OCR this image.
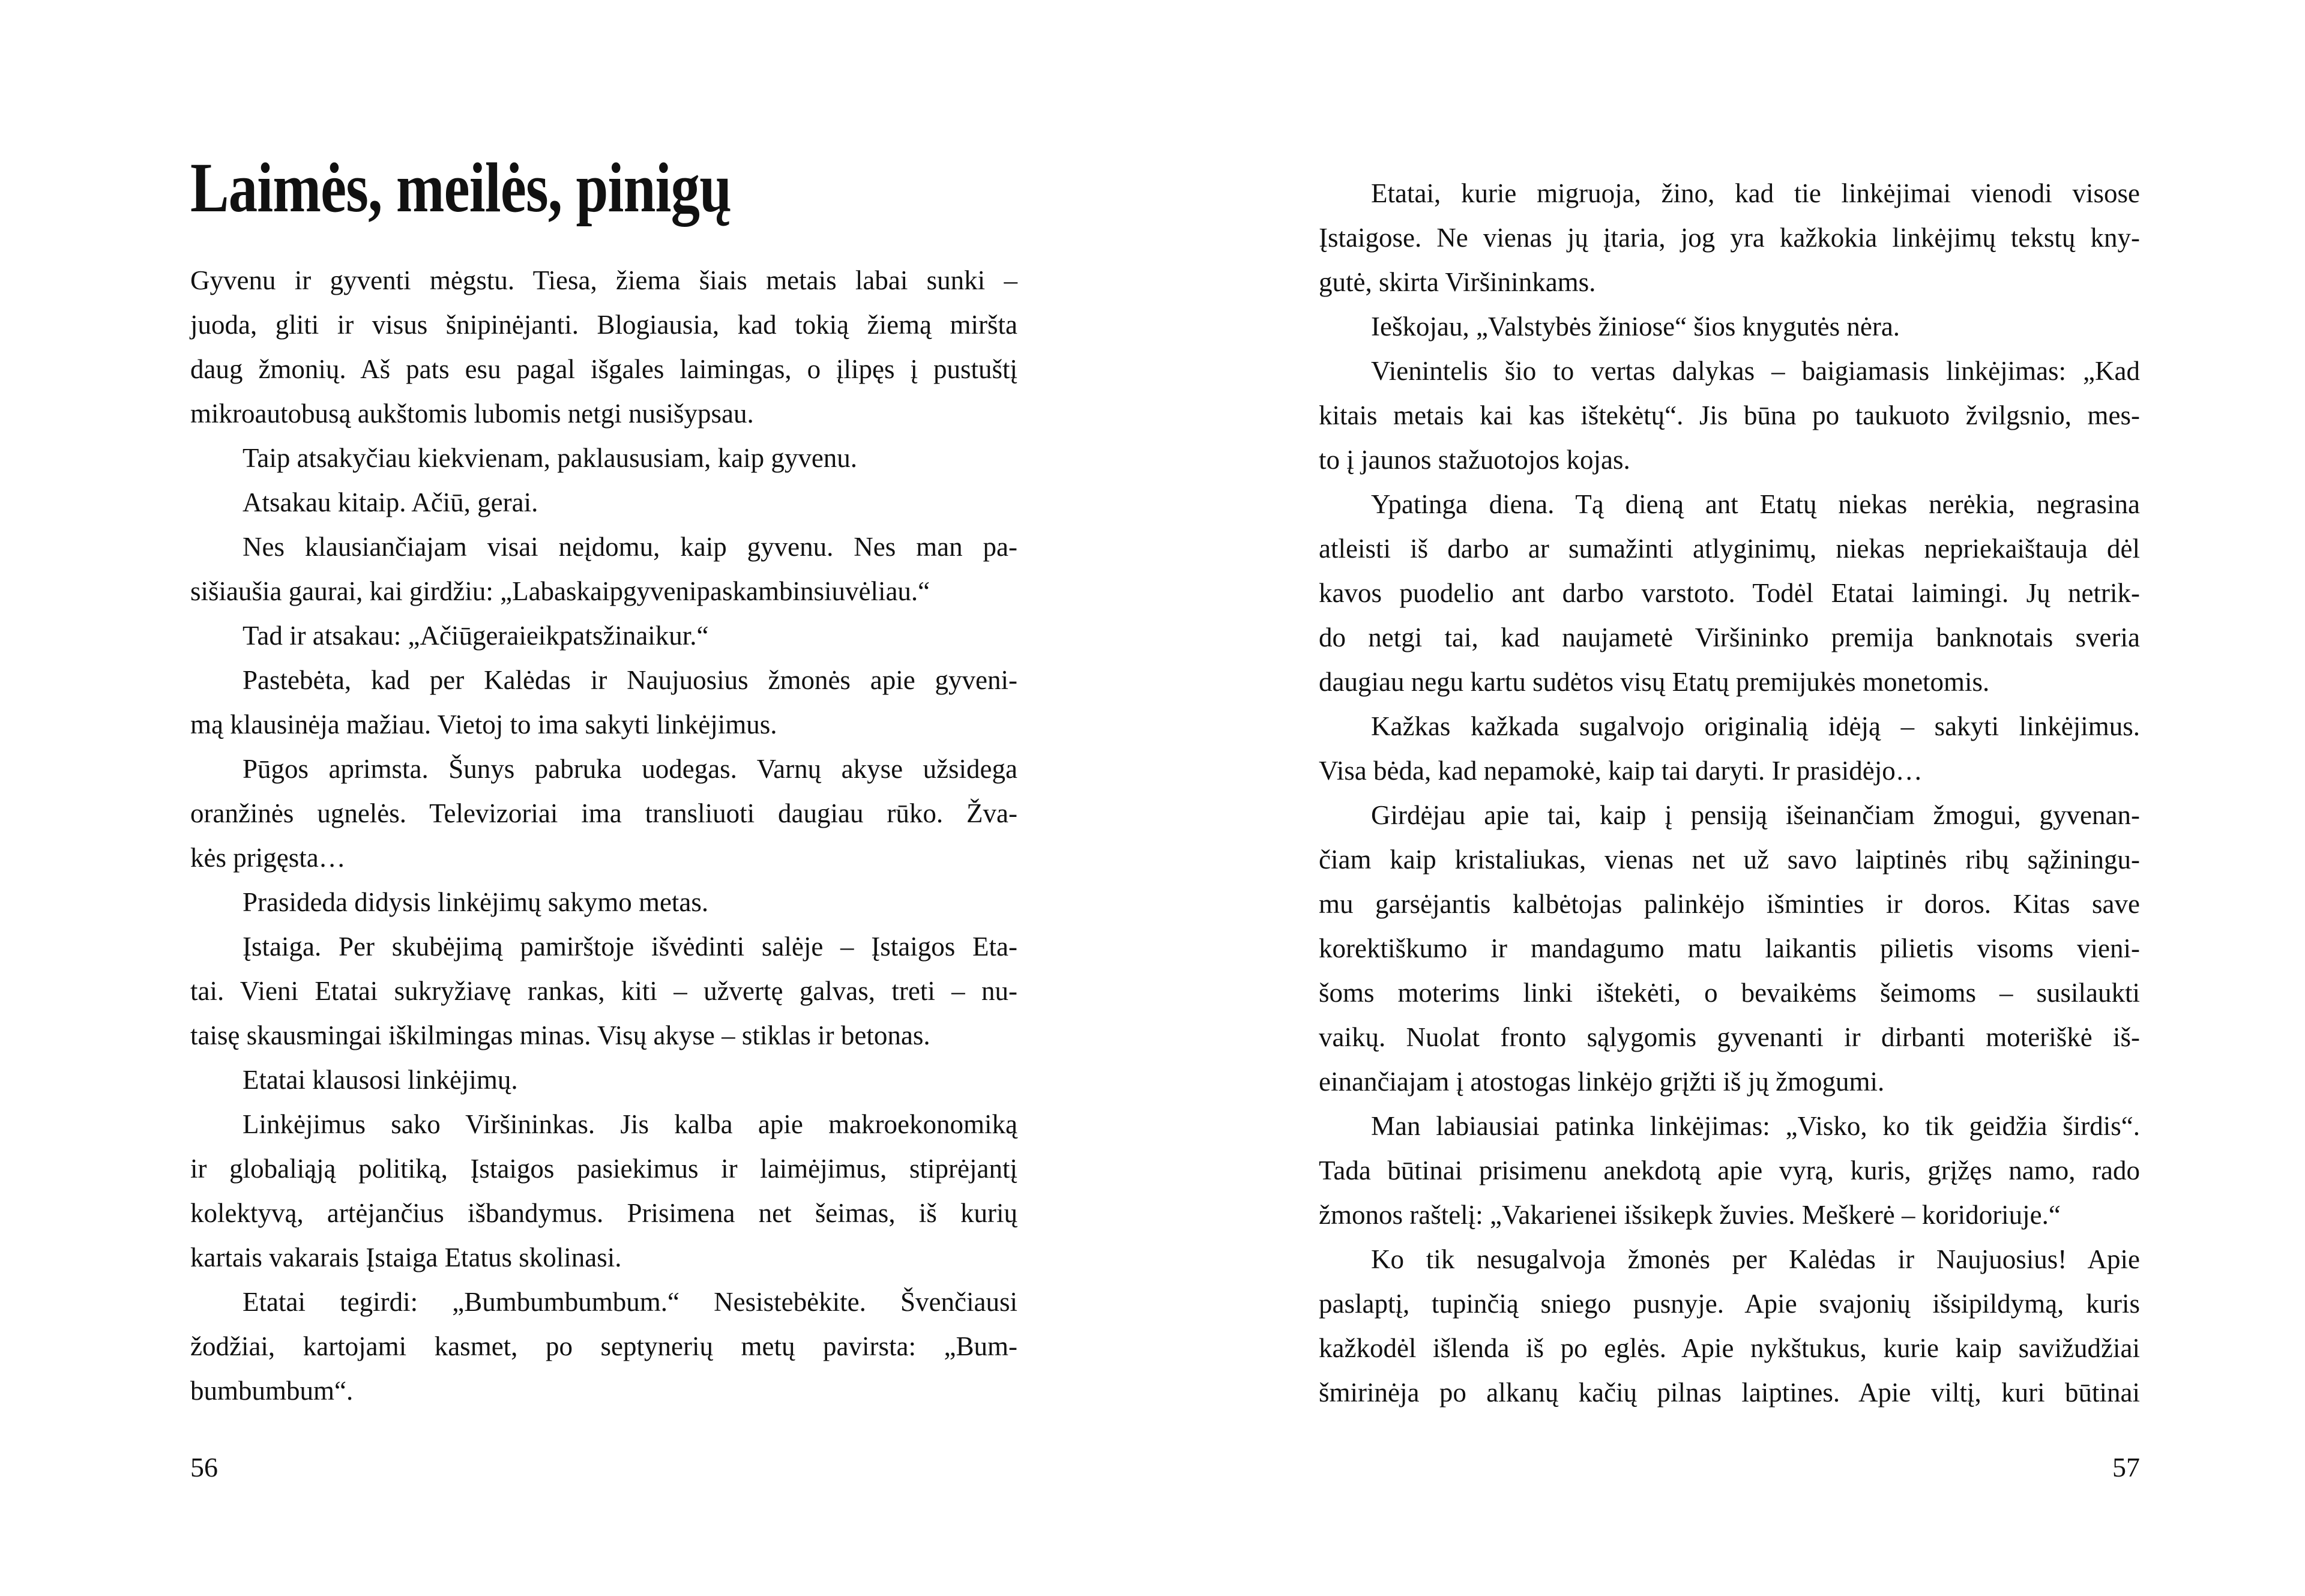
Laimės, meilės, pinigų
Gyvenu ir gyventi mėgstu. Tiesa, žiema šiais metais labai sunki –
juoda, gliti ir visus šnipinėjanti. Blogiausia, kad tokią žiemą miršta
daug žmonių. Aš pats esu pagal išgales laimingas, o įlipęs į pustuštį
mikroautobusą aukštomis lubomis netgi nusišypsau.
Taip atsakyčiau kiekvienam, paklaususiam, kaip gyvenu.
Atsakau kitaip. Ačiū, gerai.
Nes klausiančiajam visai neįdomu, kaip gyvenu. Nes man pa-
sišiaušia gaurai, kai girdžiu: „Labaskaipgyvenipaskambinsiuvėliau.“
Tad ir atsakau: „Ačiūgeraieikpatsžinaikur.“
Pastebėta, kad per Kalėdas ir Naujuosius žmonės apie gyveni-
mą klausinėja mažiau. Vietoj to ima sakyti linkėjimus.
Pūgos aprimsta. Šunys pabruka uodegas. Varnų akyse užsidega
oranžinės ugnelės. Televizoriai ima transliuoti daugiau rūko. Žva-
kės prigęsta…
Prasideda didysis linkėjimų sakymo metas.
Įstaiga. Per skubėjimą pamirštoje išvėdinti salėje – Įstaigos Eta-
tai. Vieni Etatai sukryžiavę rankas, kiti – užvertę galvas, treti – nu-
taisę skausmingai iškilmingas minas. Visų akyse – stiklas ir betonas.
Etatai klausosi linkėjimų.
Linkėjimus sako Viršininkas. Jis kalba apie makroekonomiką
ir globaliąją politiką, Įstaigos pasiekimus ir laimėjimus, stiprėjantį
kolektyvą, artėjančius išbandymus. Prisimena net šeimas, iš kurių
kartais vakarais Įstaiga Etatus skolinasi.
Etatai tegirdi: „Bumbumbumbum.“ Nesistebėkite. Švenčiausi
žodžiai, kartojami kasmet, po septynerių metų pavirsta: „Bum-
bumbumbum“.
56
Etatai, kurie migruoja, žino, kad tie linkėjimai vienodi visose
Įstaigose. Ne vienas jų įtaria, jog yra kažkokia linkėjimų tekstų kny-
gutė, skirta Viršininkams.
Ieškojau, „Valstybės žiniose“ šios knygutės nėra.
Vienintelis šio to vertas dalykas – baigiamasis linkėjimas: „Kad
kitais metais kai kas ištekėtų“. Jis būna po taukuoto žvilgsnio, mes-
to į jaunos stažuotojos kojas.
Ypatinga diena. Tą dieną ant Etatų niekas nerėkia, negrasina
atleisti iš darbo ar sumažinti atlyginimų, niekas nepriekaištauja dėl
kavos puodelio ant darbo varstoto. Todėl Etatai laimingi. Jų netrik-
do netgi tai, kad naujametė Viršininko premija banknotais sveria
daugiau negu kartu sudėtos visų Etatų premijukės monetomis.
Kažkas kažkada sugalvojo originalią idėją – sakyti linkėjimus.
Visa bėda, kad nepamokė, kaip tai daryti. Ir prasidėjo…
Girdėjau apie tai, kaip į pensiją išeinančiam žmogui, gyvenan-
čiam kaip kristaliukas, vienas net už savo laiptinės ribų sąžiningu-
mu garsėjantis kalbėtojas palinkėjo išminties ir doros. Kitas save
korektiškumo ir mandagumo matu laikantis pilietis visoms vieni-
šoms moterims linki ištekėti, o bevaikėms šeimoms – susilaukti
vaikų. Nuolat fronto sąlygomis gyvenanti ir dirbanti moteriškė iš-
einančiajam į atostogas linkėjo grįžti iš jų žmogumi.
Man labiausiai patinka linkėjimas: „Visko, ko tik geidžia širdis“.
Tada būtinai prisimenu anekdotą apie vyrą, kuris, grįžęs namo, rado
žmonos raštelį: „Vakarienei išsikepk žuvies. Meškerė – koridoriuje.“
Ko tik nesugalvoja žmonės per Kalėdas ir Naujuosius! Apie
paslaptį, tupinčią sniego pusnyje. Apie svajonių išsipildymą, kuris
kažkodėl išlenda iš po eglės. Apie nykštukus, kurie kaip savižudžiai
šmirinėja po alkanų kačių pilnas laiptines. Apie viltį, kuri būtinai
57
